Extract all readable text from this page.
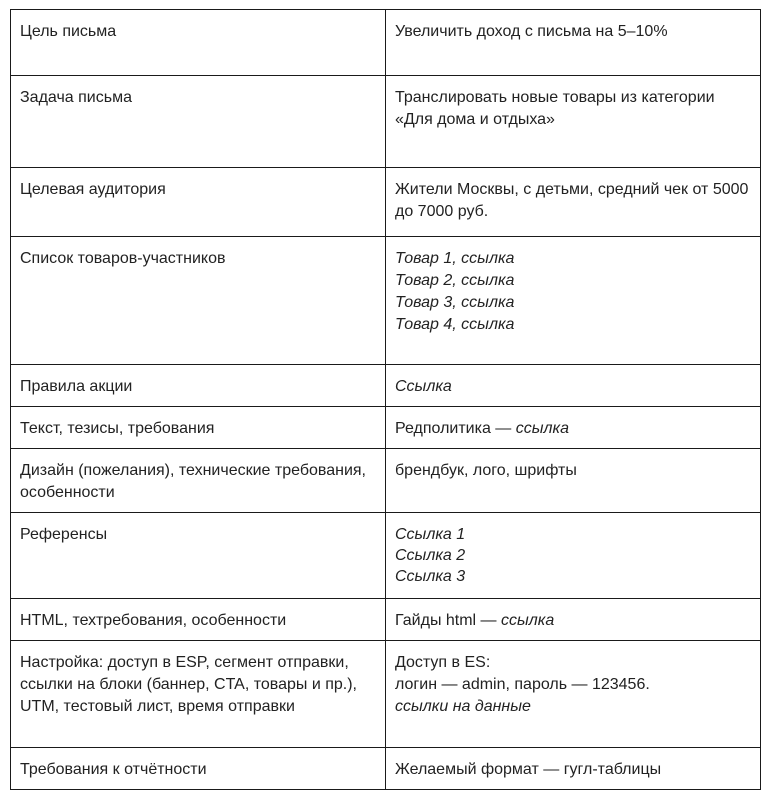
Цель письма	Увеличить доход с письма на 5–10%
Задача письма	Транслировать новые товары из категории «Для дома и отдыха»
Целевая аудитория	Жители Москвы, с детьми, средний чек от 5000 до 7000 руб.
Список товаров-участников	Товар 1, ссылка
Товар 2, ссылка
Товар 3, ссылка
Товар 4, ссылка

Правила акции	Ссылка
Текст, тезисы, требования	Редполитика — ссылка
Дизайн (пожелания), технические требования, особенности	брендбук, лого, шрифты
Референсы	Ссылка 1
Ссылка 2
Ссылка 3

HTML, техтребования, особенности	Гайды html — ссылка
Настройка: доступ в ESP, сегмент отправки, ссылки на блоки (баннер, CTA, товары и пр.), UTM, тестовый лист, время отправки	Доступ в ES:
логин — admin, пароль — 123456.
ссылки на данные

Требования к отчётности	Желаемый формат — гугл-таблицы
